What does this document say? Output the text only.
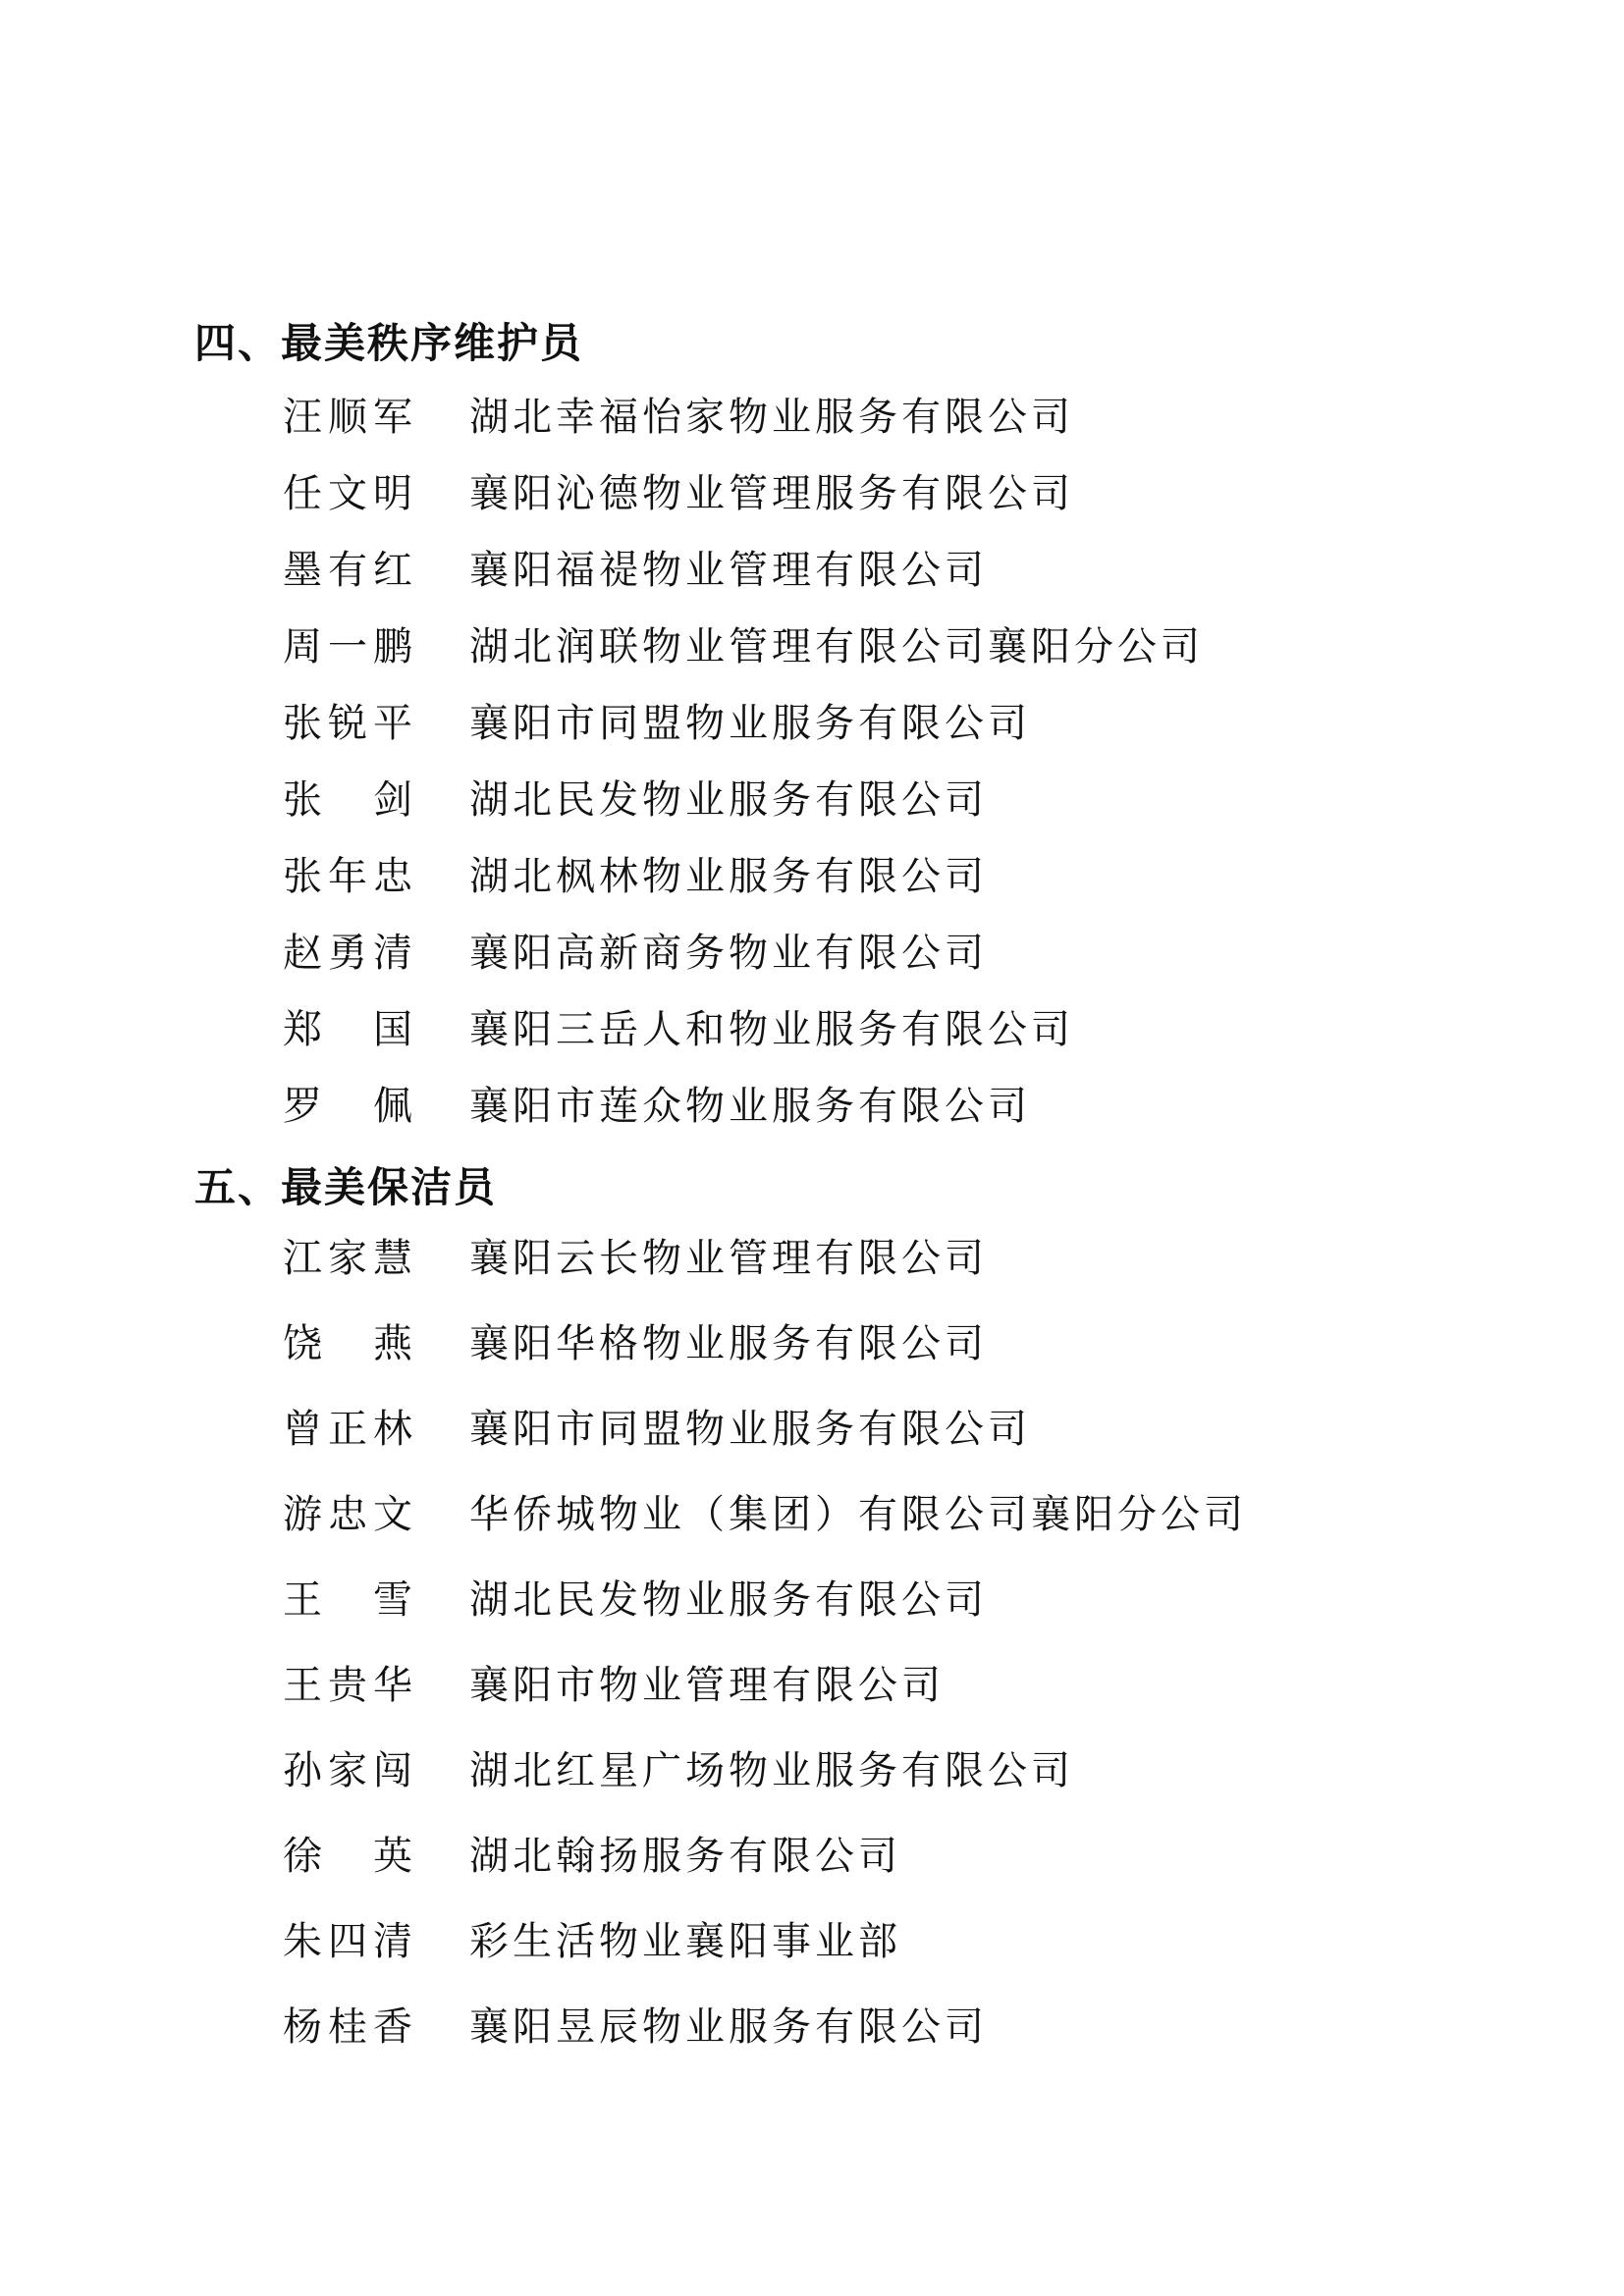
四、最美秩序维护员
汪顺军 湖北幸福怡家物业服务有限公司
任文明 襄阳沁德物业管理服务有限公司
墨有红 襄阳福禔物业管理有限公司
周一鹏 湖北润联物业管理有限公司襄阳分公司
张锐平 襄阳市同盟物业服务有限公司
张　剑 湖北民发物业服务有限公司
张年忠 湖北枫林物业服务有限公司
赵勇清 襄阳高新商务物业有限公司
郑　国 襄阳三岳人和物业服务有限公司
罗　佩 襄阳市莲众物业服务有限公司
五、最美保洁员
江家慧 襄阳云长物业管理有限公司
饶　燕 襄阳华格物业服务有限公司
曾正林 襄阳市同盟物业服务有限公司
游忠文 华侨城物业（集团）有限公司襄阳分公司
王　雪 湖北民发物业服务有限公司
王贵华 襄阳市物业管理有限公司
孙家闯 湖北红星广场物业服务有限公司
徐　英 湖北翰扬服务有限公司
朱四清 彩生活物业襄阳事业部
杨桂香 襄阳昱辰物业服务有限公司
